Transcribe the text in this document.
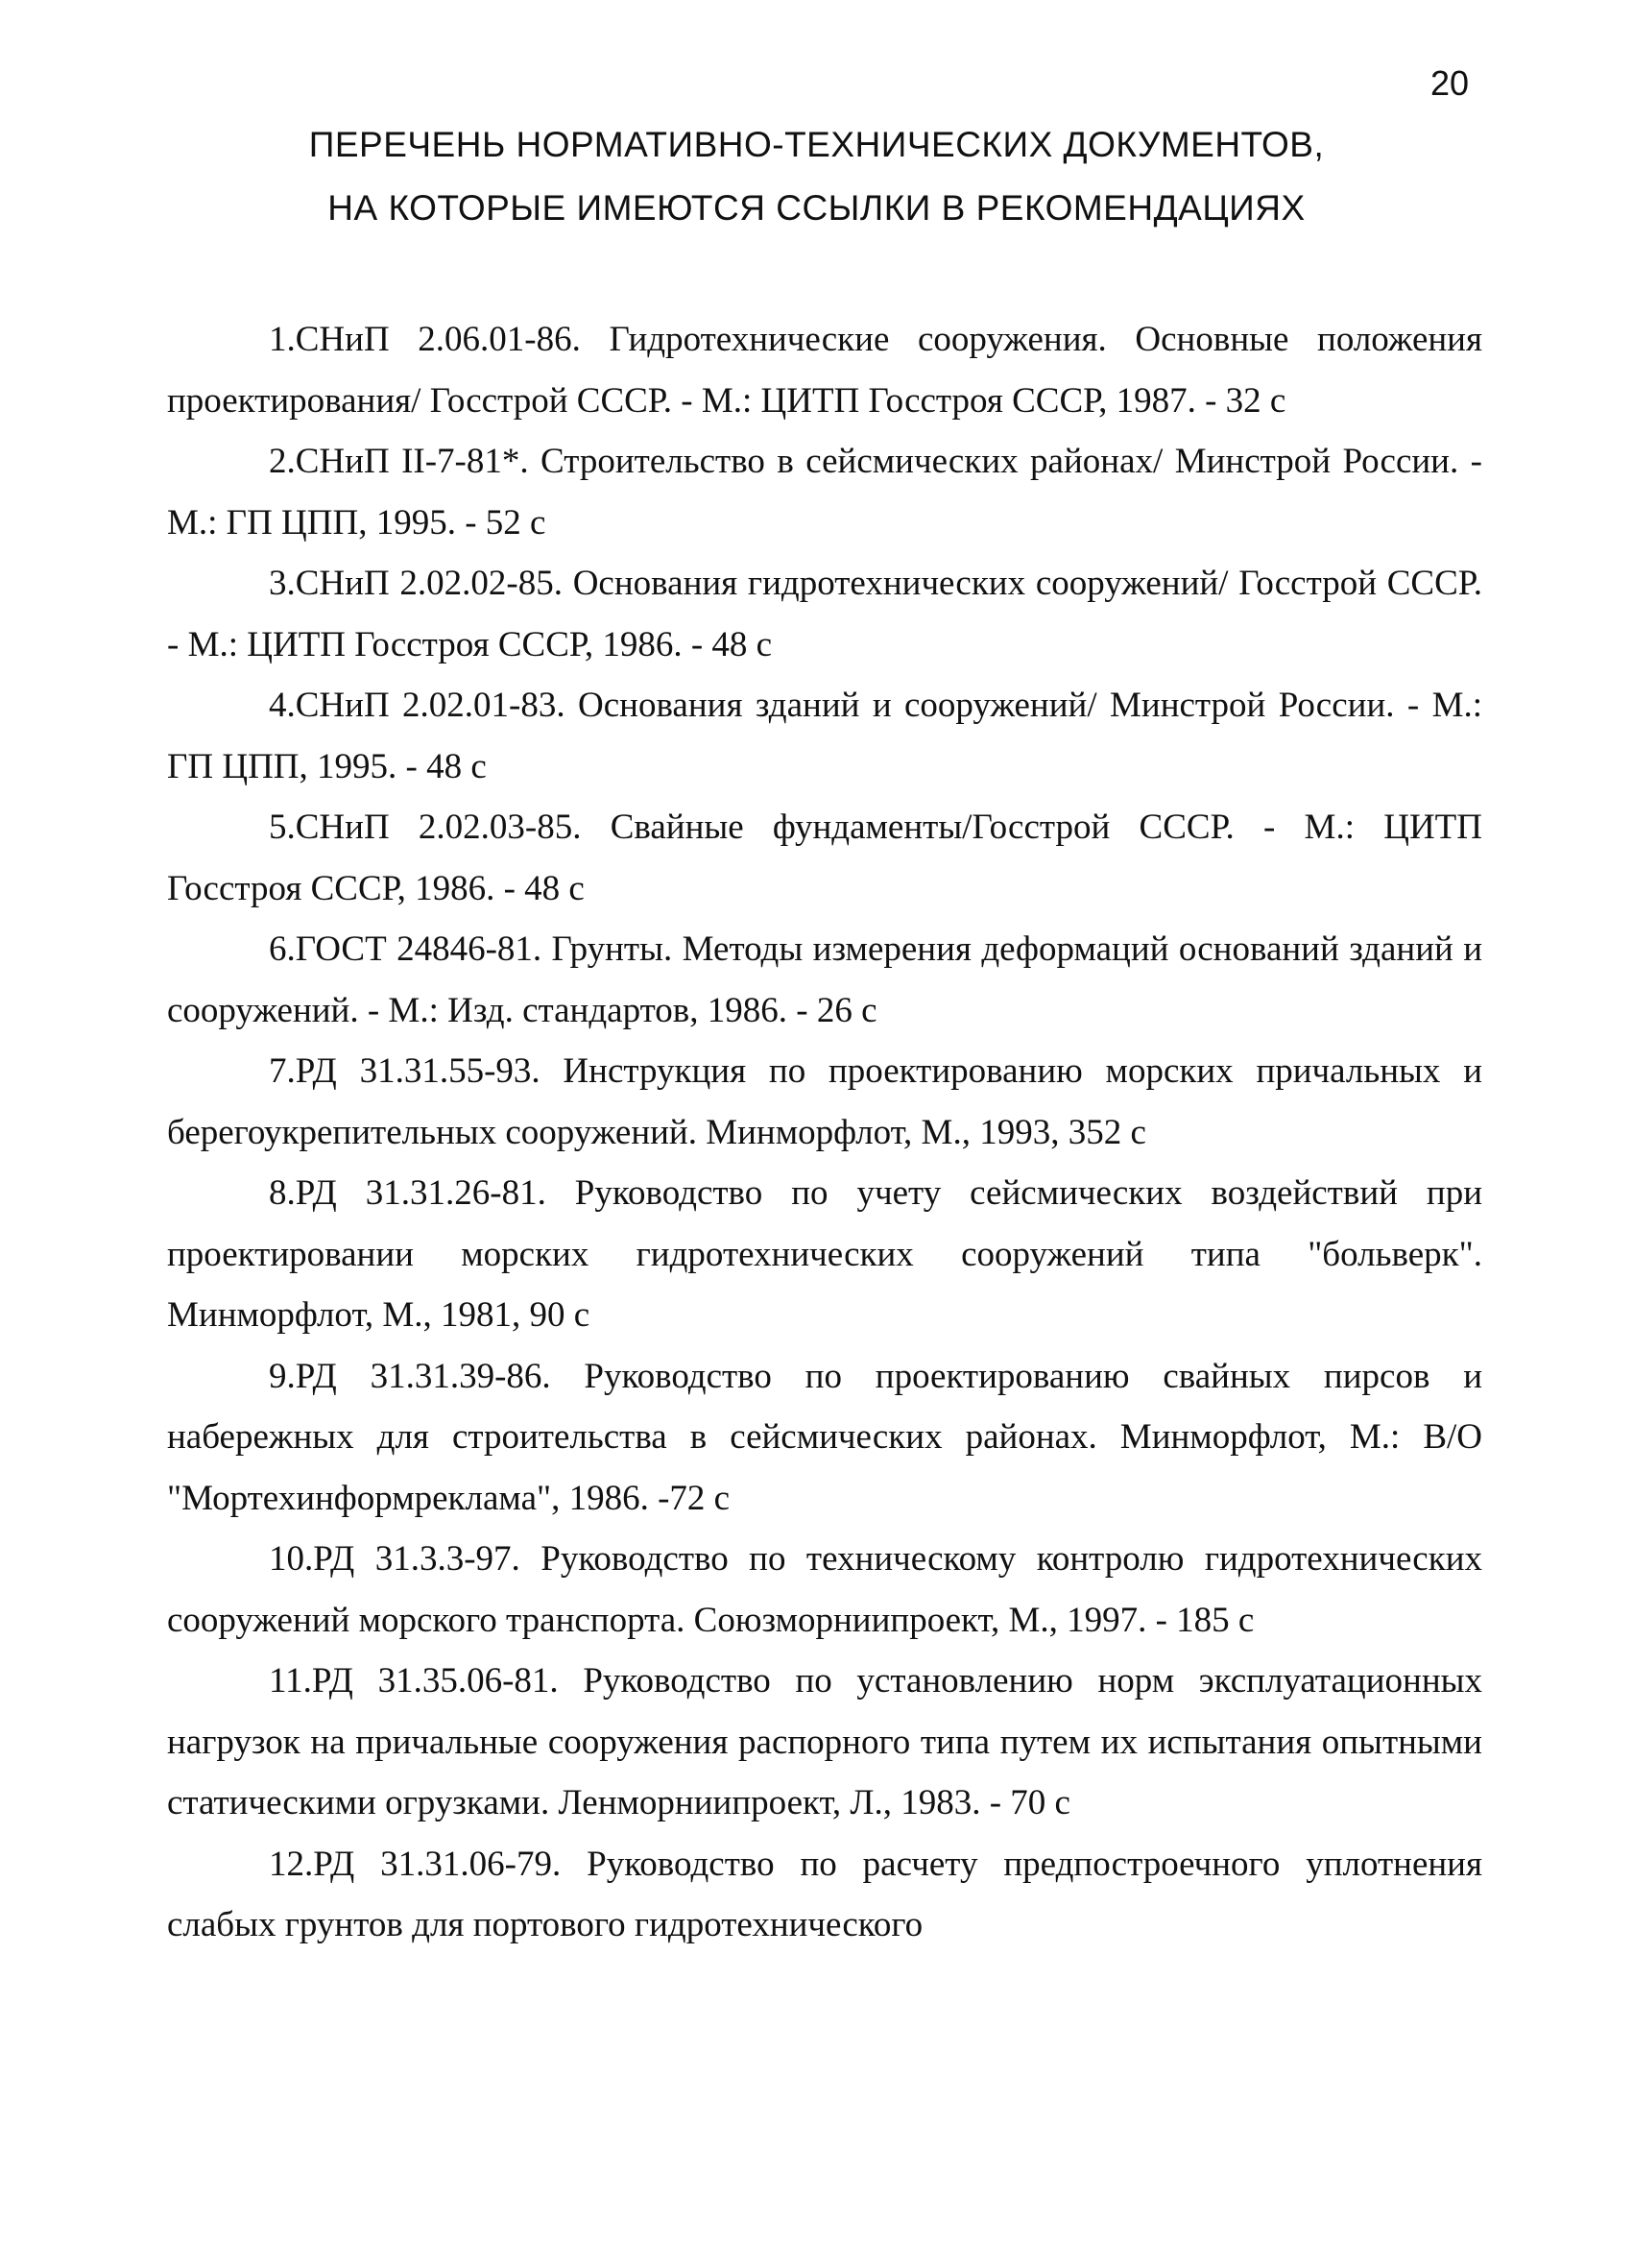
20
ПЕРЕЧЕНЬ НОРМАТИВНО-ТЕХНИЧЕСКИХ ДОКУМЕНТОВ,
НА КОТОРЫЕ ИМЕЮТСЯ ССЫЛКИ В РЕКОМЕНДАЦИЯХ
1.СНиП 2.06.01-86. Гидротехнические сооружения. Основные положения проектирования/ Госстрой СССР. - М.: ЦИТП Госстроя СССР, 1987. - 32 с
2.СНиП II-7-81*. Строительство в сейсмических районах/ Минстрой России. - М.: ГП ЦПП, 1995. - 52 с
3.СНиП 2.02.02-85. Основания гидротехнических сооружений/ Госстрой СССР. - М.: ЦИТП Госстроя СССР, 1986. - 48 с
4.СНиП 2.02.01-83. Основания зданий и сооружений/ Минстрой России. - М.: ГП ЦПП, 1995. - 48 с
5.СНиП 2.02.03-85. Свайные фундаменты/Госстрой СССР. - М.: ЦИТП Госстроя СССР, 1986. - 48 с
6.ГОСТ 24846-81. Грунты. Методы измерения деформаций оснований зданий и сооружений. - М.: Изд. стандартов, 1986. - 26 с
7.РД 31.31.55-93. Инструкция по проектированию морских причальных и берегоукрепительных сооружений. Минморфлот, М., 1993, 352 с
8.РД 31.31.26-81. Руководство по учету сейсмических воздействий при проектировании морских гидротехнических сооружений типа "больверк". Минморфлот, М., 1981, 90 с
9.РД 31.31.39-86. Руководство по проектированию свайных пирсов и набережных для строительства в сейсмических районах. Минморфлот, М.: В/О "Мортехинформреклама", 1986. -72 с
10.РД 31.3.3-97. Руководство по техническому контролю гидротехнических сооружений морского транспорта. Союзморниипроект, М., 1997. - 185 с
11.РД 31.35.06-81. Руководство по установлению норм эксплуатационных нагрузок на причальные сооружения распорного типа путем их испытания опытными статическими огрузками. Ленморниипроект, Л., 1983. - 70 с
12.РД 31.31.06-79. Руководство по расчету предпостроечного уплотнения слабых грунтов для портового гидротехнического
